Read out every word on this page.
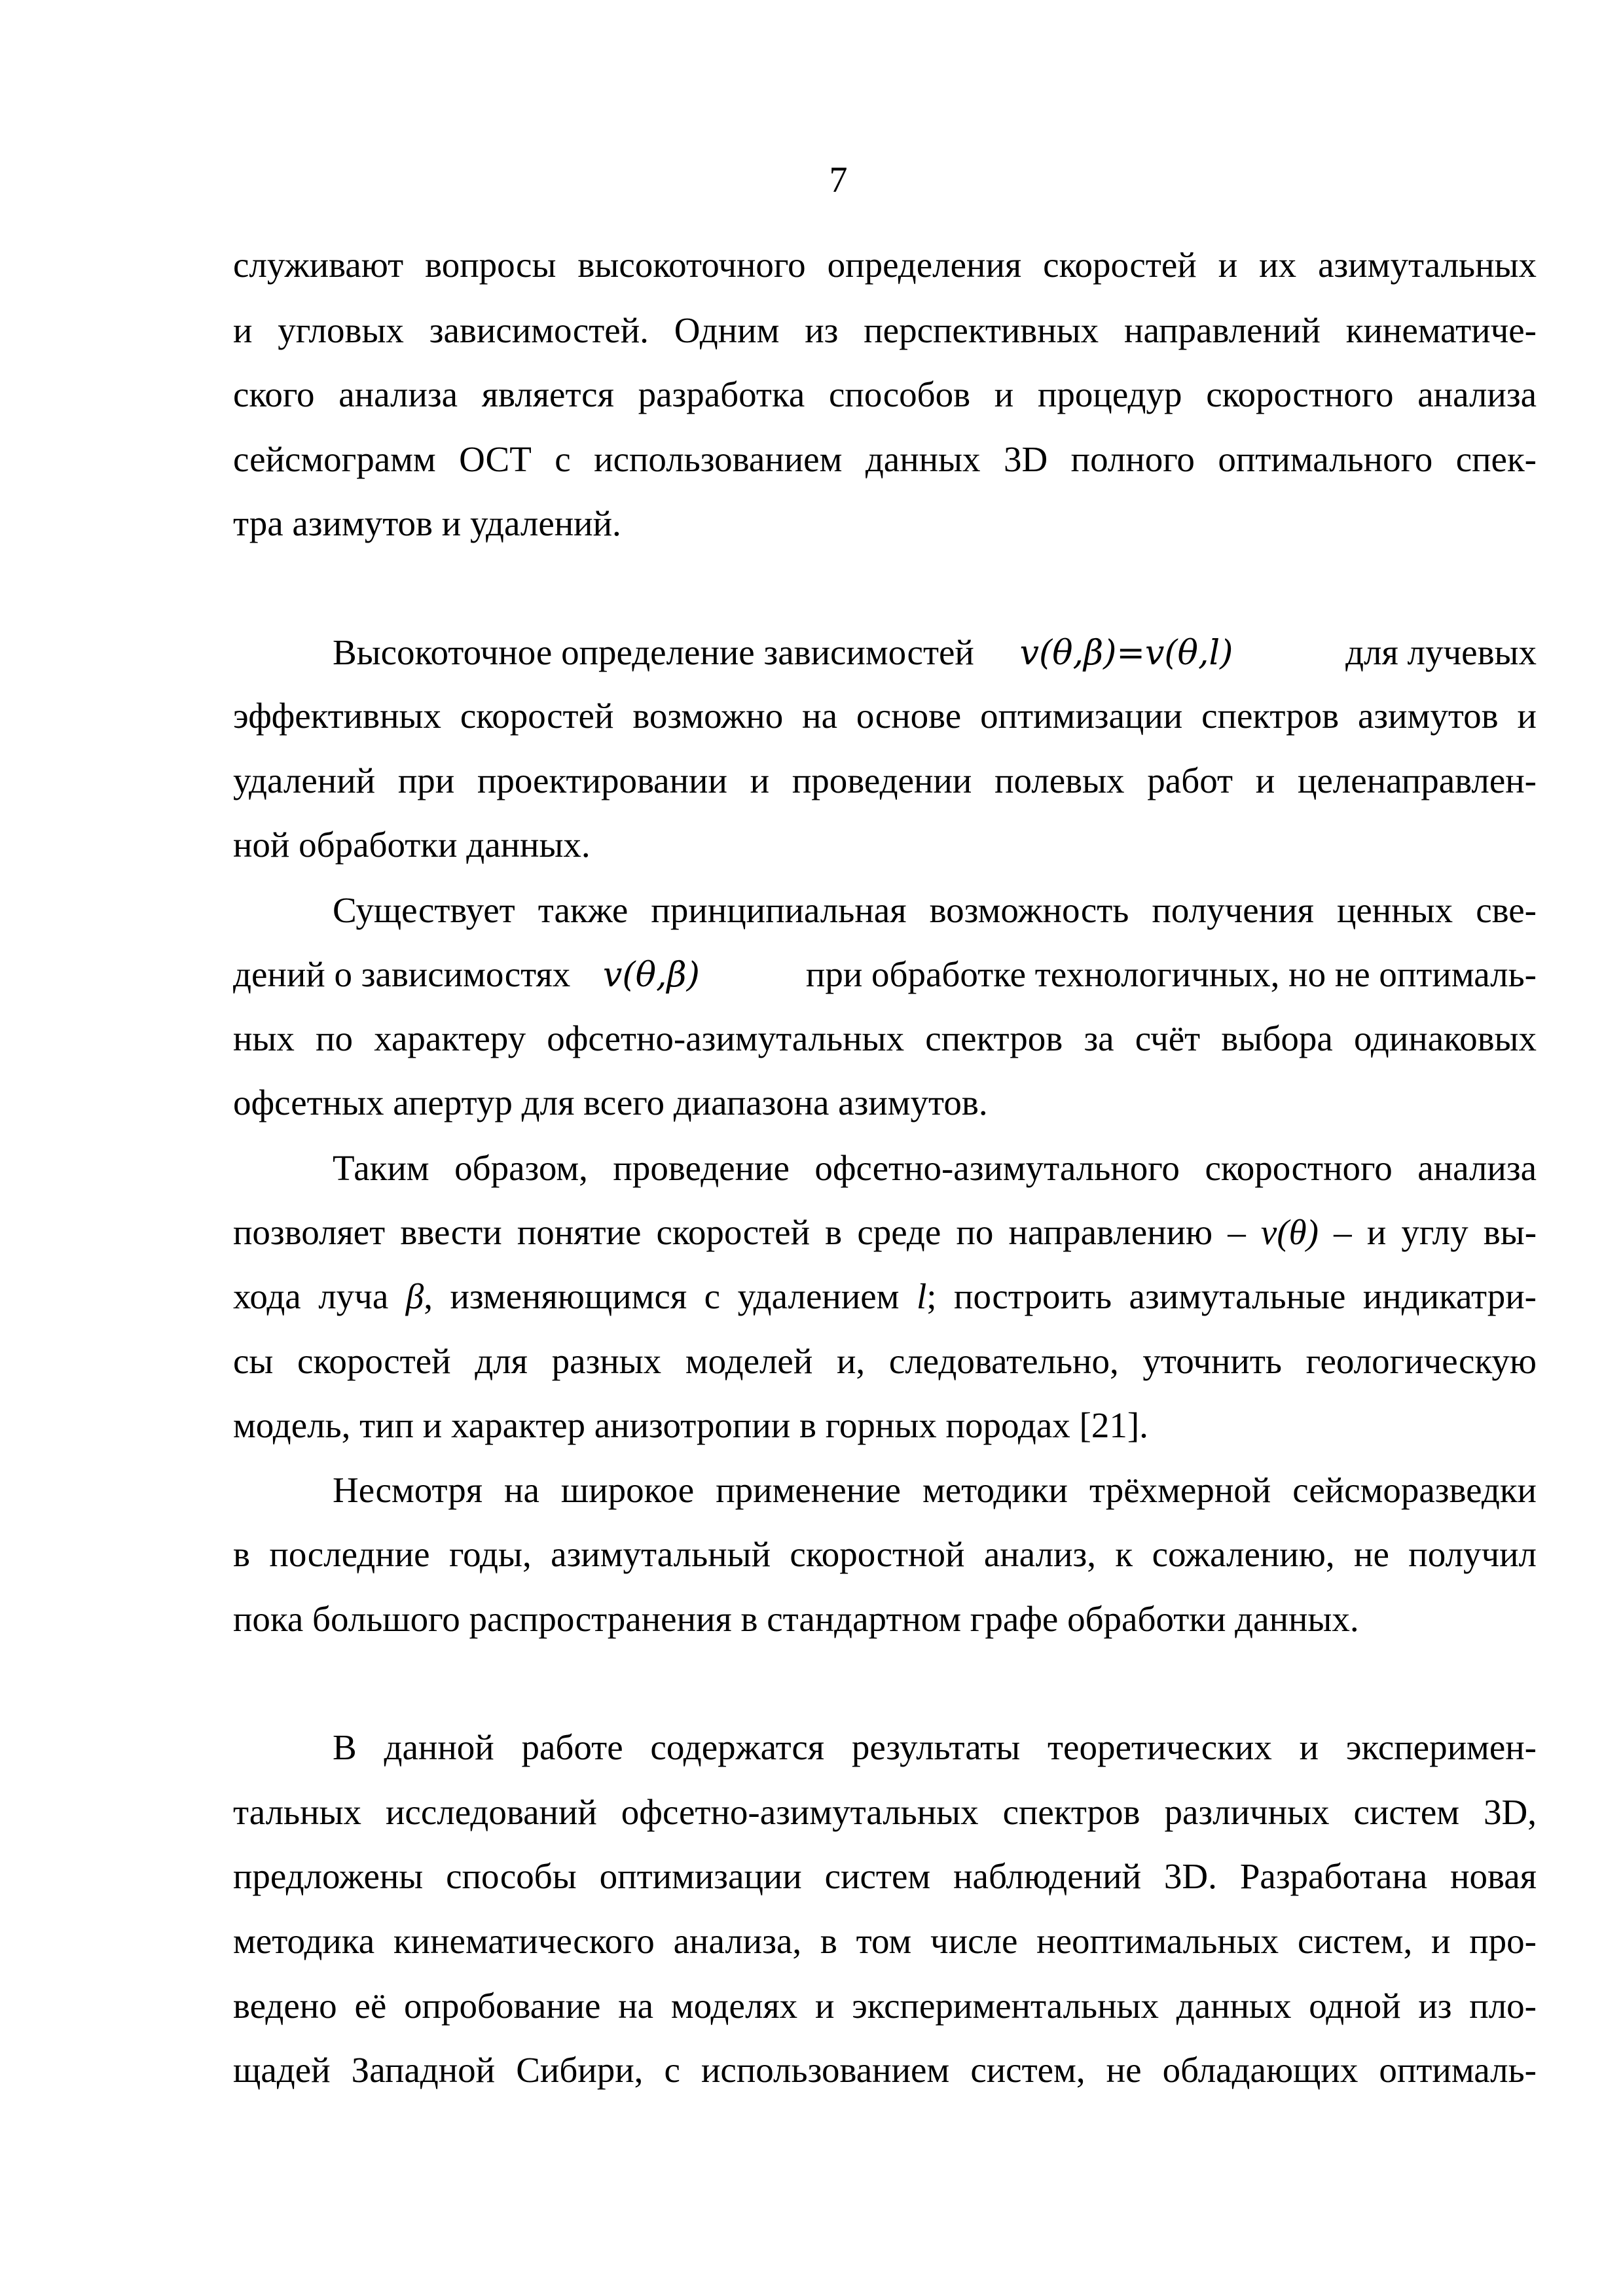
7
служивают вопросы высокоточного определения скоростей и их азимутальных
и угловых зависимостей. Одним из перспективных направлений кинематиче-
ского анализа является разработка способов и процедур скоростного анализа
сейсмограмм ОСТ с использованием данных 3D полного оптимального спек-
тра азимутов и удалений.
Высокоточное определение зависимостей v(θ,β)=v(θ,l)	для лучевых
эффективных скоростей возможно на основе оптимизации спектров азимутов и
удалений при проектировании и проведении полевых работ и целенаправлен-
ной обработки данных.
Существует также принципиальная возможность получения ценных све-
дений о зависимостях v(θ,β)	при обработке технологичных, но не оптималь-
ных по характеру офсетно-азимутальных спектров за счёт выбора одинаковых
офсетных апертур для всего диапазона азимутов.
Таким образом, проведение офсетно-азимутального скоростного анализа
позволяет ввести понятие скоростей в среде по направлению – v(θ) – и углу вы-
хода луча β, изменяющимся с удалением l; построить азимутальные индикатри-
сы скоростей для разных моделей и, следовательно, уточнить геологическую
модель, тип и характер анизотропии в горных породах [21].
Несмотря на широкое применение методики трёхмерной сейсморазведки
в последние годы, азимутальный скоростной анализ, к сожалению, не получил
пока большого распространения в стандартном графе обработки данных.
В данной работе содержатся результаты теоретических и эксперимен-
тальных исследований офсетно-азимутальных спектров различных систем 3D,
предложены способы оптимизации систем наблюдений 3D. Разработана новая
методика кинематического анализа, в том числе неоптимальных систем, и про-
ведено её опробование на моделях и экспериментальных данных одной из пло-
щадей Западной Сибири, с использованием систем, не обладающих оптималь-
